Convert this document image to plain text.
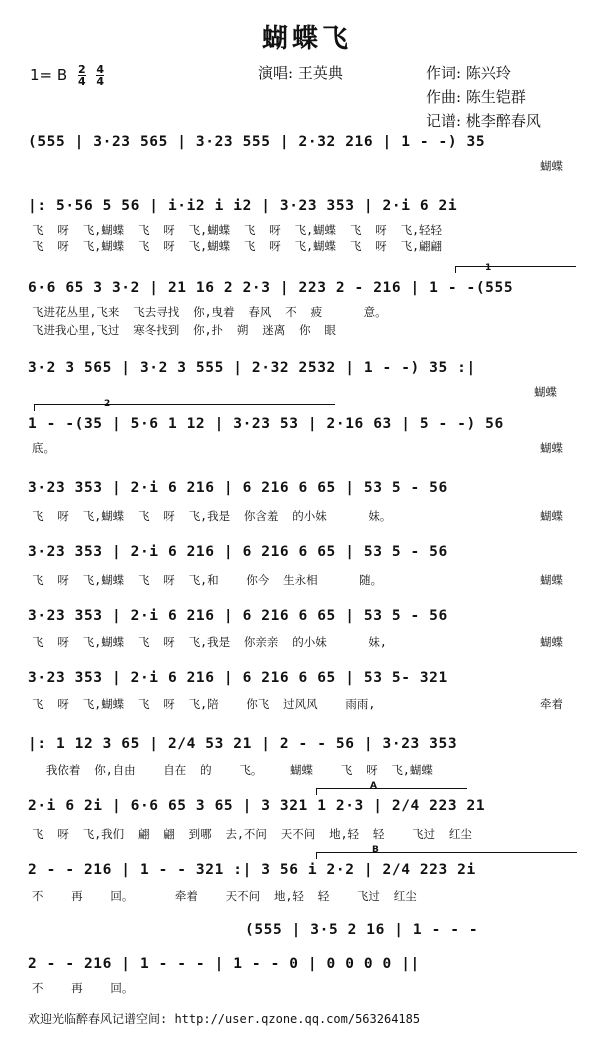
蝴蝶飞
1= B $\frac{2}{4}$
$\frac{4}{4}$	演唱: 王英典	作词: 陈兴玲
作曲: 陈生铠群
记谱: 桃李醉春风
(555 | 3·23 565 | 3·23 555 | 2·32 216 | 1 - -) 35
蝴蝶
|: 5·56 5 56 | i·i2 i i2 | 3·23 353 | 2·i 6 2i
飞  呀  飞,蝴蝶  飞  呀  飞,蝴蝶  飞  呀  飞,蝴蝶  飞  呀  飞,轻轻
飞  呀  飞,蝴蝶  飞  呀  飞,蝴蝶  飞  呀  飞,蝴蝶  飞  呀  飞,翩翩
1
6·6 65 3 3·2 | 21 16 2 2·3 | 223 2 - 216 | 1 - -(555
飞进花丛里,飞来  飞去寻找  你,曳着  春风  不  疲      意。
飞进我心里,飞过  寒冬找到  你,扑  朔  迷离  你  眼
3·2 3 565 | 3·2 3 555 | 2·32 2532 | 1 - -) 35 :|
蝴蝶
2
1 - -(35 | 5·6 1 12 | 3·23 53 | 2·16 63 | 5 - -) 56
底。	蝴蝶
3·23 353 | 2·i 6 216 | 6 216 6 65 | 53 5 - 56
飞  呀  飞,蝴蝶  飞  呀  飞,我是  你含羞  的小妹      妹。	蝴蝶
3·23 353 | 2·i 6 216 | 6 216 6 65 | 53 5 - 56
飞  呀  飞,蝴蝶  飞  呀  飞,和    你今  生永相      随。	蝴蝶
3·23 353 | 2·i 6 216 | 6 216 6 65 | 53 5 - 56
飞  呀  飞,蝴蝶  飞  呀  飞,我是  你亲亲  的小妹      妹,	蝴蝶
3·23 353 | 2·i 6 216 | 6 216 6 65 | 53 5- 321
飞  呀  飞,蝴蝶  飞  呀  飞,陪    你飞  过风风    雨雨,	牵着
|: 1 12 3 65 | 2/4 53 21 | 2 - - 56 | 3·23 353
我依着  你,自由    自在  的    飞。    蝴蝶    飞  呀  飞,蝴蝶
A
2·i 6 2i | 6·6 65 3 65 | 3 321 1 2·3 | 2/4 223 21
飞  呀  飞,我们  翩  翩  到哪  去,不问  天不问  地,轻  轻    飞过  红尘
B
2 - - 216 | 1 - - 321 :| 3 56 i 2·2 | 2/4 223 2i
不    再    回。      牵着    天不问  地,轻  轻    飞过  红尘
(555 | 3·5 2 16 | 1 - - -
2 - - 216 | 1 - - - | 1 - - 0 | 0 0 0 0 ||
不    再    回。
欢迎光临醉春风记谱空间: http://user.qzone.qq.com/563264185
